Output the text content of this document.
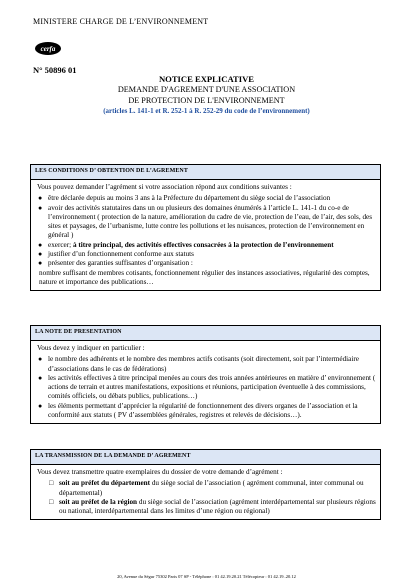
MINISTERE CHARGE DE L’ENVIRONNEMENT
cerfa
N° 50896 01
NOTICE EXPLICATIVE
DEMANDE D'AGREMENT D'UNE ASSOCIATION
DE PROTECTION DE L'ENVIRONNEMENT
(articles L. 141-1 et R. 252-1 à R. 252-29 du code de l’environnement)
LES CONDITIONS D’ OBTENTION DE L’AGREMENT
Vous pouvez demander l’agrément si votre association répond aux conditions suivantes :
● être déclarée depuis au moins 3 ans à la Préfecture du département du siège social de l’association
● avoir des activités statutaires dans un ou plusieurs des domaines énumérés à l’article L. 141-1 du co-e de l’environnement ( protection de la nature, amélioration du cadre de vie, protection de l’eau, de l’air, des sols, des sites et paysages, de l’urbanisme, lutte contre les pollutions et les nuisances, protection de l’environnement en général )
● exercer; à titre principal, des activités effectives consacrées à la protection de l’environnement
● justifier d’un fonctionnement conforme aux statuts
● présenter des garanties suffisantes d’organisation :
nombre suffisant de membres cotisants, fonctionnement régulier des instances associatives, régularité des comptes, nature et importance des publications…
LA NOTE DE PRESENTATION
Vous devez y indiquer en particulier :
● le nombre des adhérents et le nombre des membres actifs cotisants (soit directement, soit par l’intermédiaire d’associations dans le cas de fédérations)
● les activités effectives à titre principal menées au cours des trois années antérieures en matière d’ environnement ( actions de terrain et autres manifestations, expositions et réunions, participation éventuelle à des commissions, comités officiels, ou débats publics, publications…)
● les éléments permettant d’apprécier la régularité de fonctionnement des divers organes de l’association et la conformité aux statuts ( PV d’assemblées générales, registres et relevés de décisions…).
LA TRANSMISSION DE LA DEMANDE D’ AGREMENT
Vous devez transmettre quatre exemplaires du dossier de votre demande d’agrément :
□ soit au préfet du département du siège social de l’association ( agrément communal, inter communal ou départemental)
□ soit au préfet de la région du siège social de l’association (agrément interdépartemental sur plusieurs régions ou national, interdépartemental dans les limites d’une région ou régional)
20, Avenue du Ségur 75302 Paris 07 SP - Téléphone : 01 42.19.20.21 Télécopieur : 01 42.19..20.12
